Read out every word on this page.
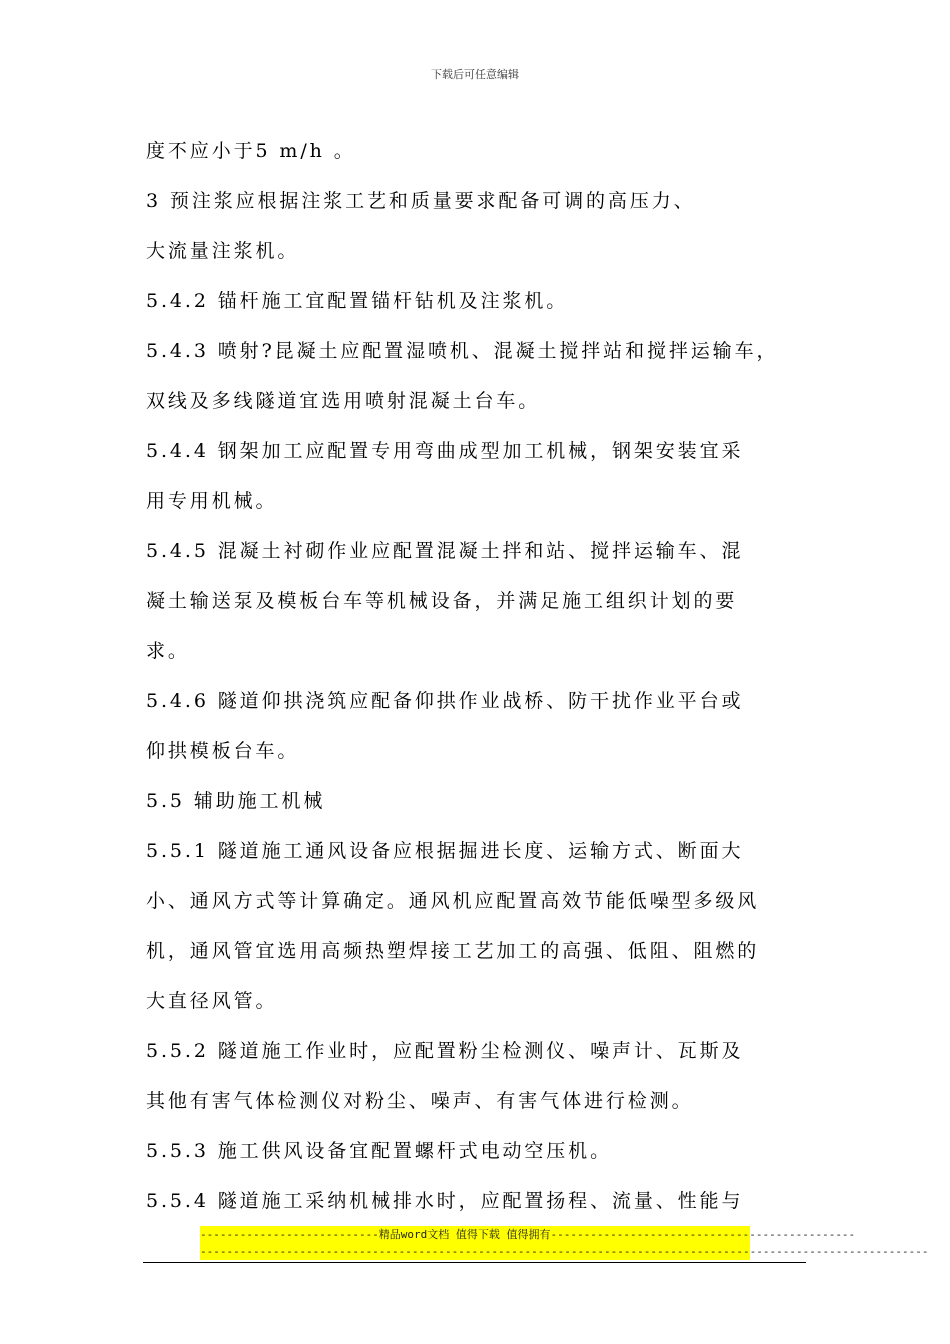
下载后可任意编辑
度不应小于5 m/h 。
3 预注浆应根据注浆工艺和质量要求配备可调的高压力、
大流量注浆机。
5.4.2 锚杆施工宜配置锚杆钻机及注浆机。
5.4.3 喷射?昆凝土应配置湿喷机、混凝土搅拌站和搅拌运输车，
双线及多线隧道宜选用喷射混凝土台车。
5.4.4 钢架加工应配置专用弯曲成型加工机械，钢架安装宜采
用专用机械。
5.4.5 混凝土衬砌作业应配置混凝土拌和站、搅拌运输车、混
凝土输送泵及模板台车等机械设备，并满足施工组织计划的要
求。
5.4.6 隧道仰拱浇筑应配备仰拱作业战桥、防干扰作业平台或
仰拱模板台车。
5.5 辅助施工机械
5.5.1 隧道施工通风设备应根据掘进长度、运输方式、断面大
小、通风方式等计算确定。通风机应配置高效节能低噪型多级风
机，通风管宜选用高频热塑焊接工艺加工的高强、低阻、阻燃的
大直径风管。
5.5.2 隧道施工作业时，应配置粉尘检测仪、噪声计、瓦斯及
其他有害气体检测仪对粉尘、噪声、有害气体进行检测。
5.5.3 施工供风设备宜配置螺杆式电动空压机。
5.5.4 隧道施工采纳机械排水时，应配置扬程、流量、性能与
---------------------------精品word文档 值得下载 值得拥有----------------------------------------------
--------------------------------------------------------------------------------------------------------------
